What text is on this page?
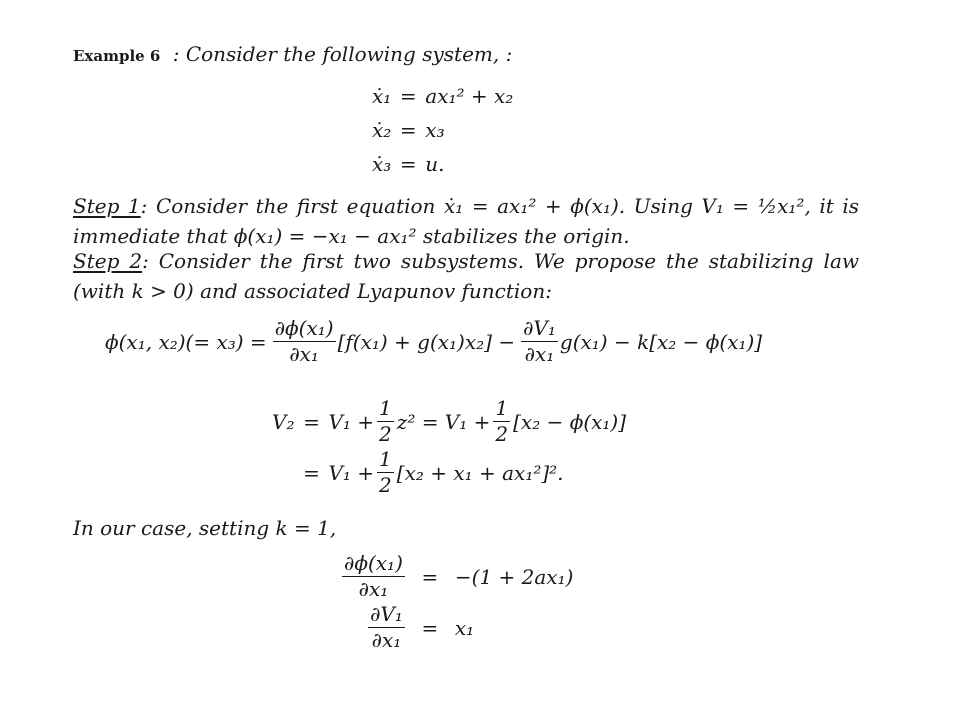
Example 6 : Consider the following system, :
ẋ₁ = ax₁² + x₂
ẋ₂ = x₃
ẋ₃ = u.
Step 1: Consider the first equation ẋ₁ = ax₁² + ϕ(x₁). Using V₁ = ½x₁², it is
immediate that ϕ(x₁) = −x₁ − ax₁² stabilizes the origin.
Step 2: Consider the first two subsystems. We propose the stabilizing law
(with k > 0) and associated Lyapunov function:
ϕ(x₁, $x_2)(= x_3) = \frac{\text{∂ϕ(x₁)}}{\text{∂x₁}} [f(x_1) + g(x_1)x_2] - \frac{\text{∂V₁}}{\text{∂x₁}} g(x_1) - k[x_2 - \phi(x_1)]$
$V_2 = V_1 + \frac{1}{2} z^2 = V_1 + \frac{1}{2} [x_2 - \phi(x_1)]$
= $V_1 + \frac{1}{2} [x_2 + x_1 + ax_1^2]^2$.
In our case, setting k = 1,
$\frac{\text{∂ϕ(x₁)}}{\text{∂x₁}} = -(1 + 2ax_1)$
$\frac{\text{∂V₁}}{\text{∂x₁}} = x_1$
